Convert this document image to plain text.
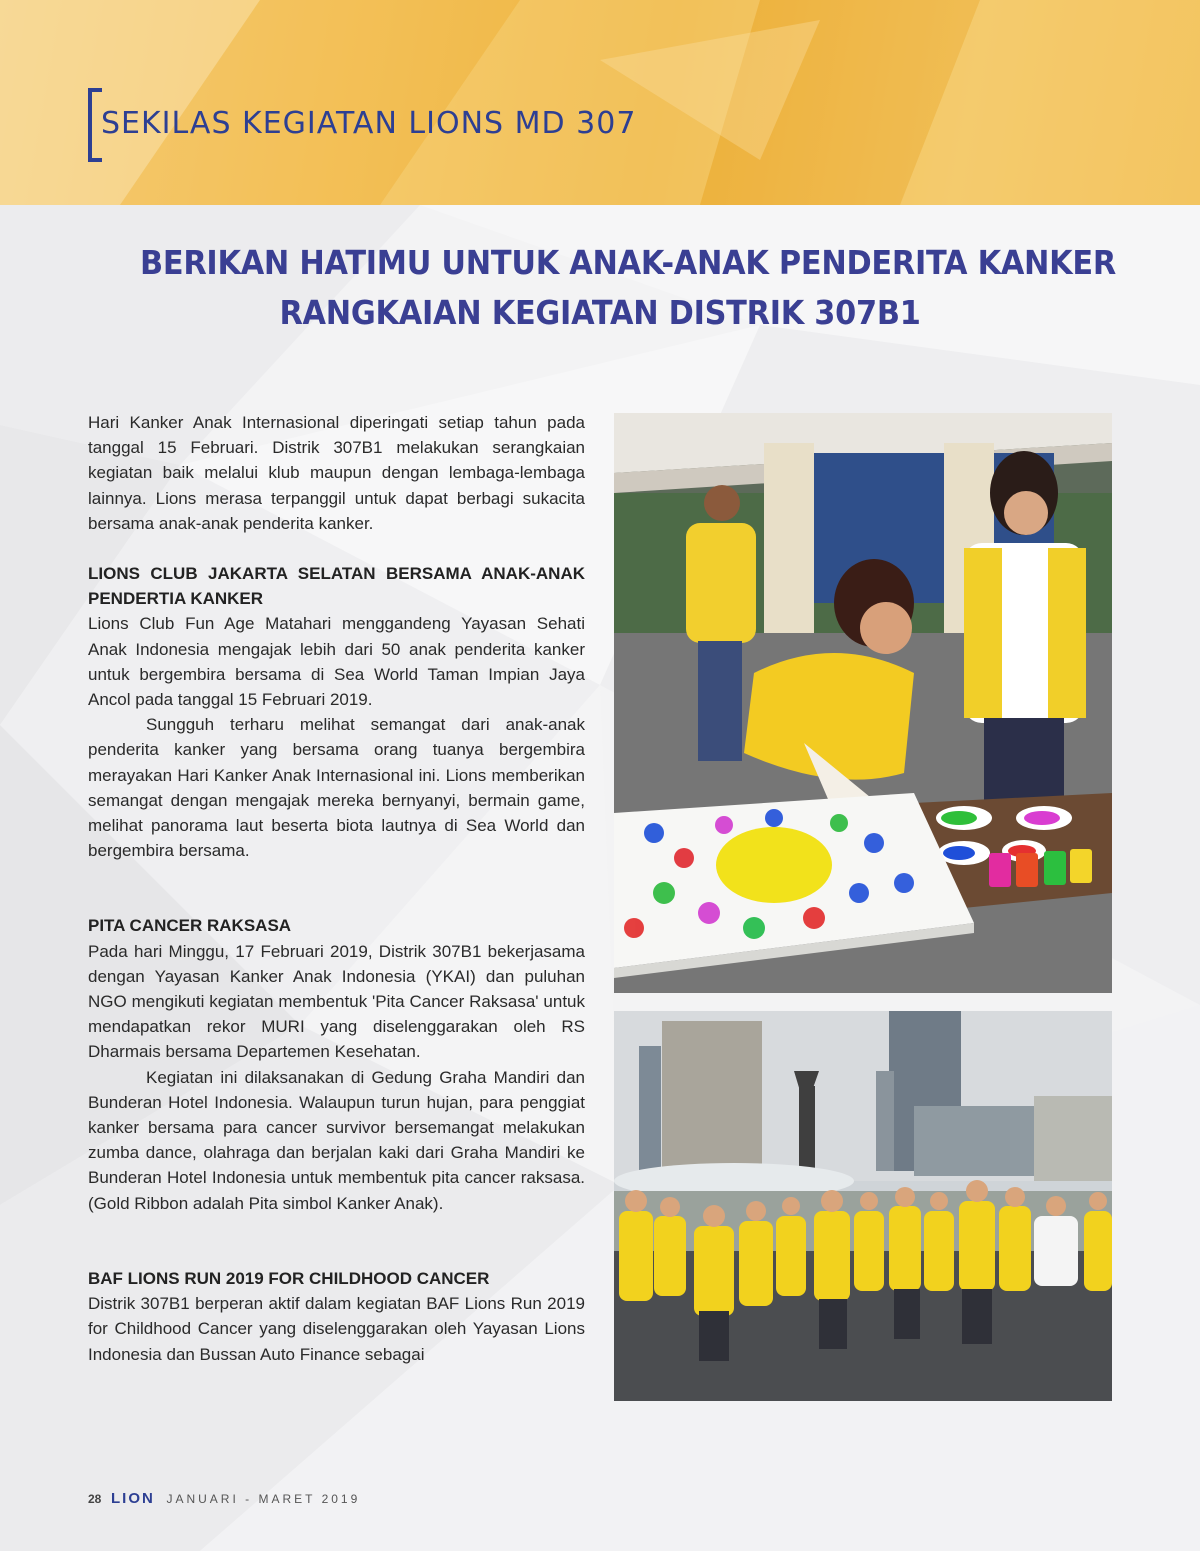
SEKILAS KEGIATAN LIONS MD 307
BERIKAN HATIMU UNTUK ANAK-ANAK PENDERITA KANKER
RANGKAIAN KEGIATAN DISTRIK 307B1

Hari Kanker Anak Internasional diperingati setiap tahun pada tanggal 15 Februari. Distrik 307B1 melakukan serangkaian kegiatan baik melalui klub maupun dengan lembaga-lembaga lainnya. Lions merasa terpanggil untuk dapat berbagi sukacita bersama anak-anak penderita kanker.

LIONS CLUB JAKARTA SELATAN BERSAMA ANAK-ANAK PENDERTIA KANKER

Lions Club Fun Age Matahari menggandeng Yayasan Sehati Anak Indonesia mengajak lebih dari 50 anak penderita kanker untuk bergembira bersama di Sea World Taman Impian Jaya Ancol pada tanggal 15 Februari 2019.

Sungguh terharu melihat semangat dari anak-anak penderita kanker yang bersama orang tuanya bergembira merayakan Hari Kanker Anak Internasional ini. Lions memberikan semangat dengan mengajak mereka bernyanyi, bermain game, melihat panorama laut beserta biota lautnya di Sea World dan bergembira bersama.

PITA CANCER RAKSASA

Pada hari Minggu, 17 Februari 2019, Distrik 307B1 bekerjasama dengan Yayasan Kanker Anak Indonesia (YKAI) dan puluhan NGO mengikuti kegiatan membentuk 'Pita Cancer Raksasa' untuk mendapatkan rekor MURI yang diselenggarakan oleh RS Dharmais bersama Departemen Kesehatan.

Kegiatan ini dilaksanakan di Gedung Graha Mandiri dan Bunderan Hotel Indonesia. Walaupun turun hujan, para penggiat kanker bersama para cancer survivor bersemangat melakukan zumba dance, olahraga dan berjalan kaki dari Graha Mandiri ke Bunderan Hotel Indonesia untuk membentuk pita cancer raksasa. (Gold Ribbon adalah Pita simbol Kanker Anak).

BAF LIONS RUN 2019 FOR CHILDHOOD CANCER

Distrik 307B1 berperan aktif dalam kegiatan BAF Lions Run 2019 for Childhood Cancer yang diselenggarakan oleh Yayasan Lions Indonesia dan Bussan Auto Finance sebagai

28 LION JANUARI - MARET 2019
